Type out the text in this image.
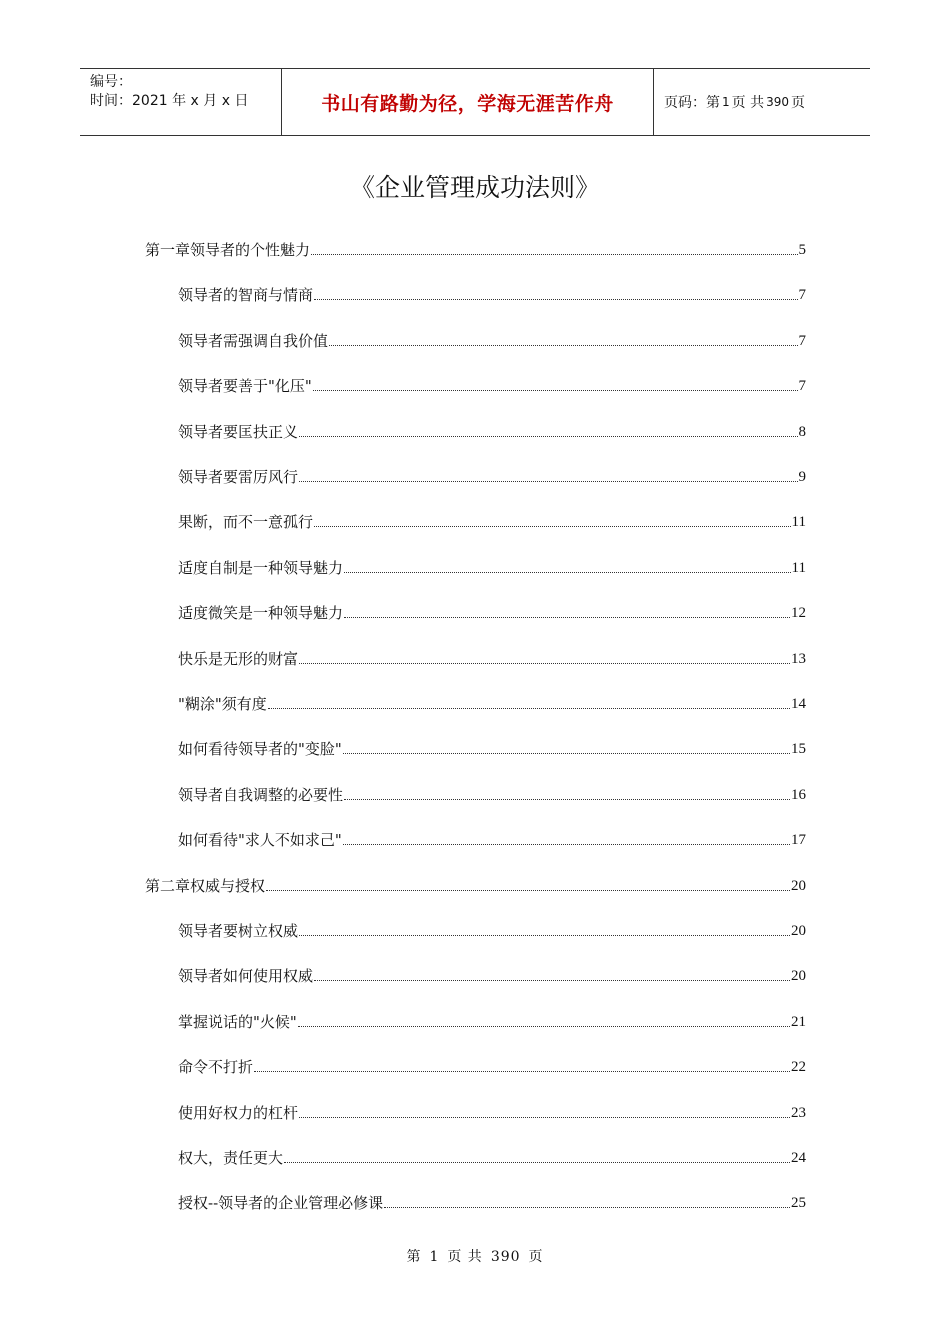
编号：
时间：2021 年 x 月 x 日	书山有路勤为径，学海无涯苦作舟	页码：第 1 页 共 390 页
《企业管理成功法则》
第一章领导者的个性魅力	5
领导者的智商与情商	7
领导者需强调自我价值	7
领导者要善于"化压"	7
领导者要匡扶正义	8
领导者要雷厉风行	9
果断，而不一意孤行	11
适度自制是一种领导魅力	11
适度微笑是一种领导魅力	12
快乐是无形的财富	13
"糊涂"须有度	14
如何看待领导者的"变脸"	15
领导者自我调整的必要性	16
如何看待"求人不如求己"	17
第二章权威与授权	20
领导者要树立权威	20
领导者如何使用权威	20
掌握说话的"火候"	21
命令不打折	22
使用好权力的杠杆	23
权大，责任更大	24
授权--领导者的企业管理必修课	25
第 1 页 共 390 页
